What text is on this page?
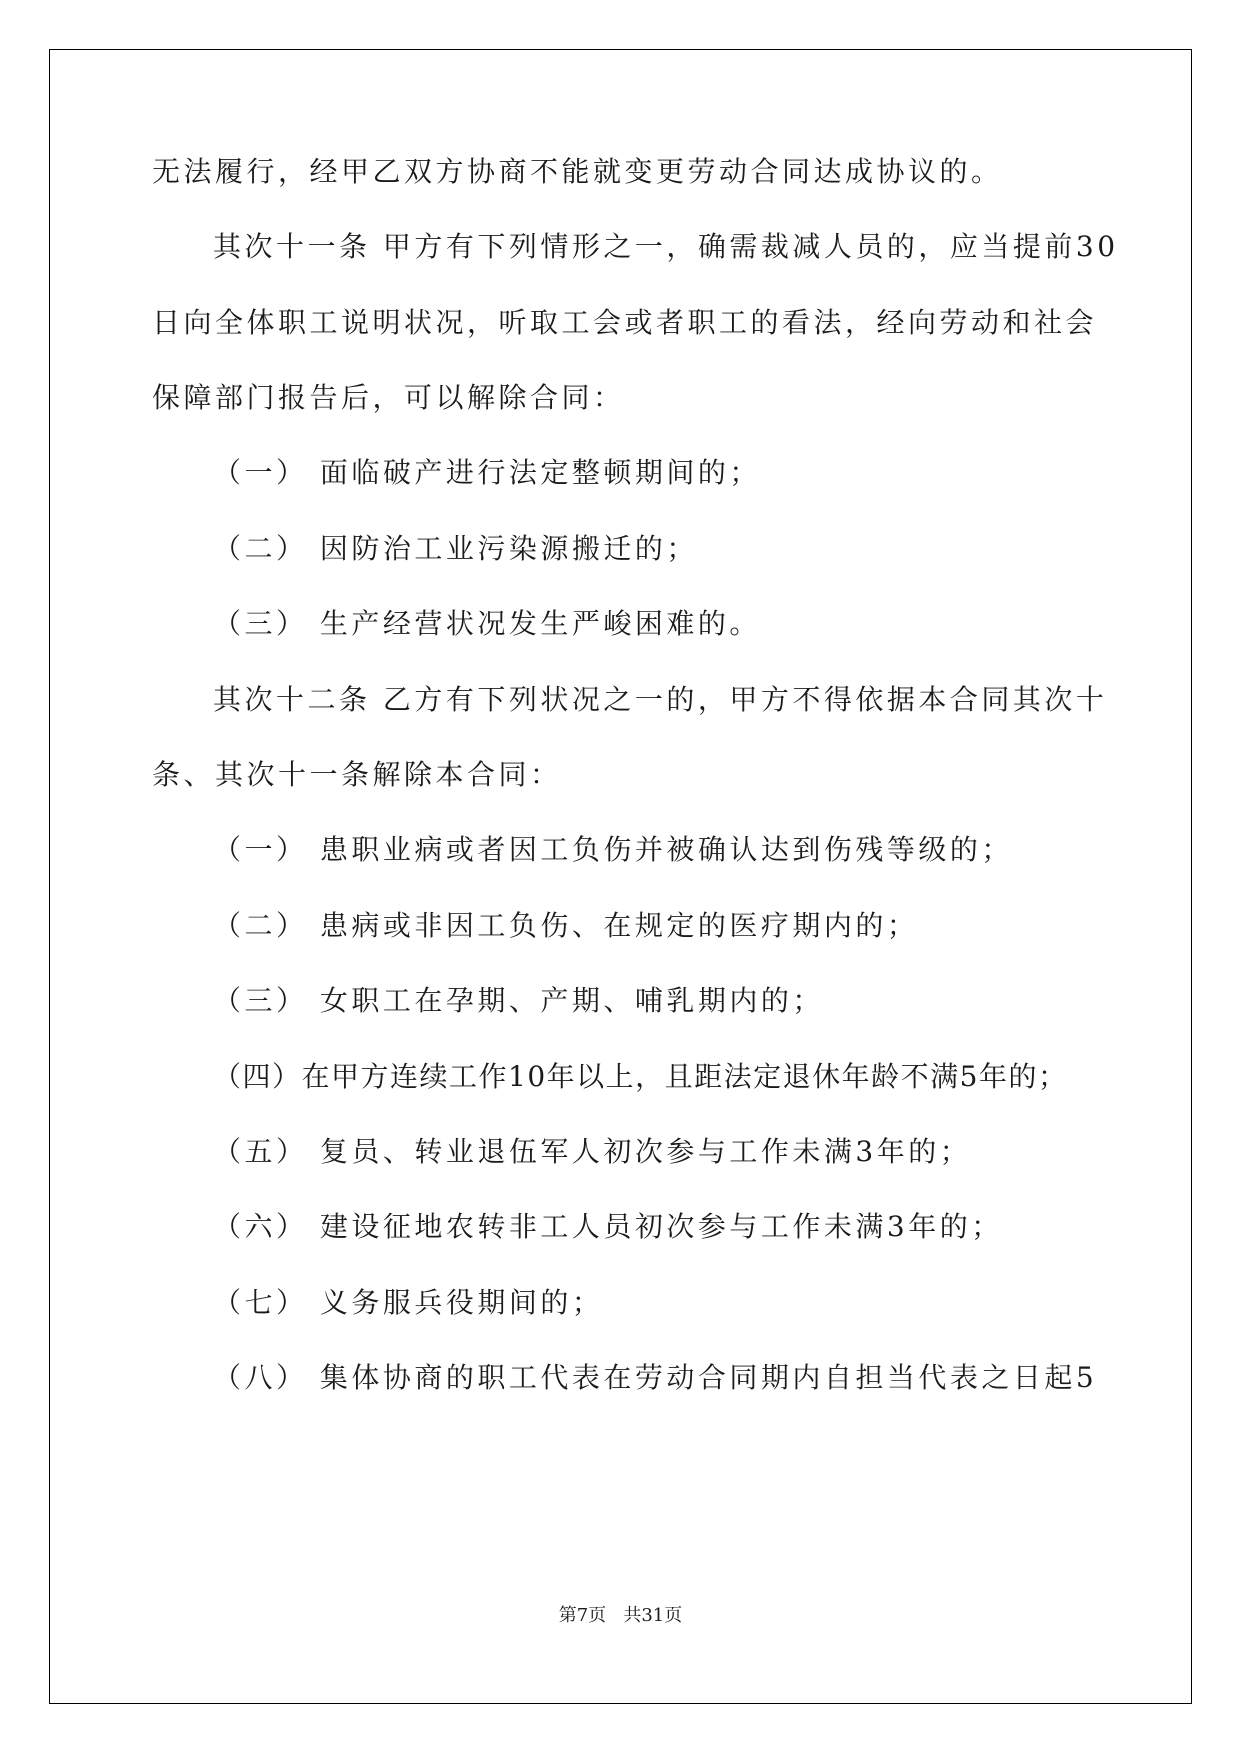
无法履行，经甲乙双方协商不能就变更劳动合同达成协议的。
其次十一条 甲方有下列情形之一，确需裁减人员的，应当提前30
日向全体职工说明状况，听取工会或者职工的看法，经向劳动和社会
保障部门报告后，可以解除合同：
（一） 面临破产进行法定整顿期间的；
（二） 因防治工业污染源搬迁的；
（三） 生产经营状况发生严峻困难的。
其次十二条 乙方有下列状况之一的，甲方不得依据本合同其次十
条、其次十一条解除本合同：
（一） 患职业病或者因工负伤并被确认达到伤残等级的；
（二） 患病或非因工负伤、在规定的医疗期内的；
（三） 女职工在孕期、产期、哺乳期内的；
（四）在甲方连续工作10年以上，且距法定退休年龄不满5年的；
（五） 复员、转业退伍军人初次参与工作未满3年的；
（六） 建设征地农转非工人员初次参与工作未满3年的；
（七） 义务服兵役期间的；
（八） 集体协商的职工代表在劳动合同期内自担当代表之日起5
第7页   共31页
